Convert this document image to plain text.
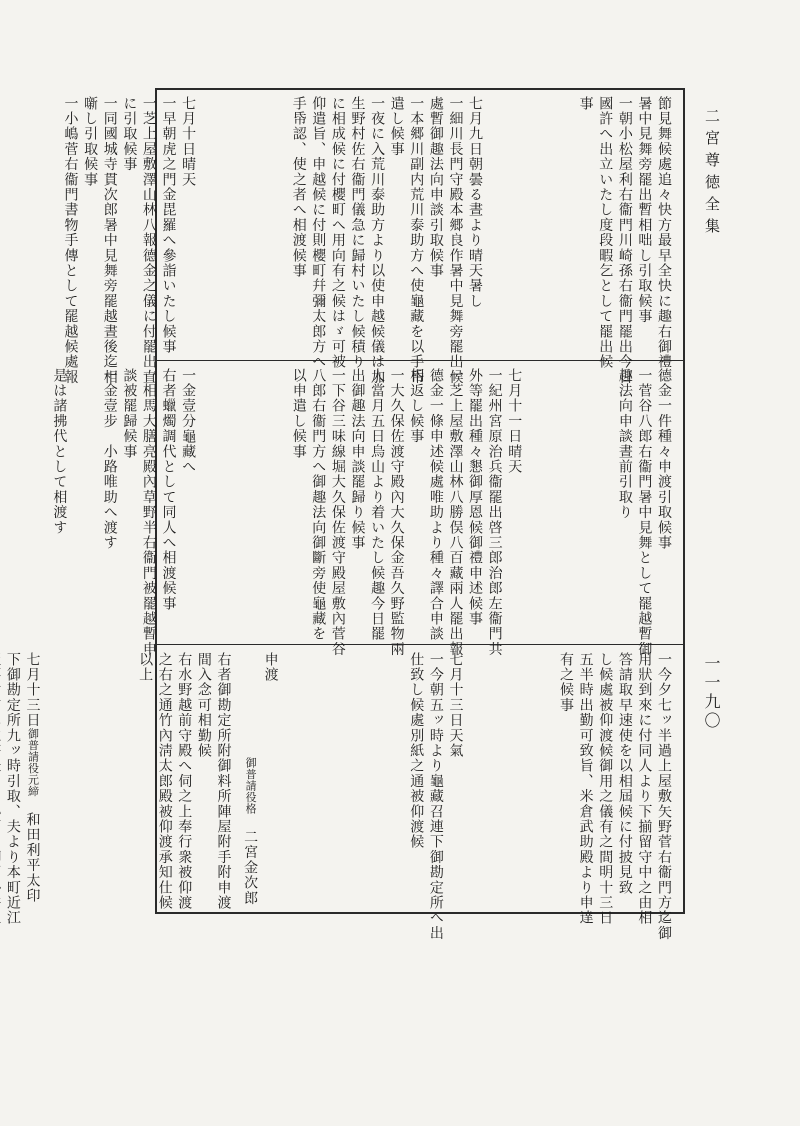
二宮尊徳全集
一一九〇
節見舞候處追々快方最早全快に趣右御禮
暑中見舞旁罷出暫相咄し引取候事
一朝小松屋利右衞門川崎孫右衞門罷出今日
國許へ出立いたし度段暇乞として罷出候
事
七月九日朝曇る晝より晴天暑し
一細川長門守殿本郷良作暑中見舞旁罷出候
處暫御趣法向申談引取候事
一本郷川副内荒川泰助方へ使龜藏を以手帋
遣し候事
一夜に入荒川泰助方より以使申越候儀は加
生野村佐右衞門儀急に歸村いたし候積り
に相成候に付櫻町へ用向有之候はゞ可被
仰遣旨、申越候に付則櫻町幷彌太郎方へ
手帋認、使之者へ相渡候事
七月十日晴天
一早朝虎之門金毘羅へ參詣いたし候事
一芝上屋敷澤山林八報德金之儀に付罷出直
に引取候事
一同國城寺貫次郎暑中見舞旁罷越晝後迄相
噺し引取候事
一小嶋菅右衞門書物手傳として罷越候處報
德金一件種々申渡引取候事
一菅谷八郎右衞門暑中見舞として罷越暫御
趣法向申談晝前引取り
七月十一日晴天
一紀州宮原治兵衞罷出啓三郎治郎左衞門共
外等罷出種々懇御厚恩候御禮申述候事
一芝上屋敷澤山林八勝俣八百藏兩人罷出報
德金一條申述候處唯助より種々譯合申談
相返し候事
一大久保佐渡守殿內大久保金吾久野監物兩
人當月五日烏山より着いたし候趣今日罷
出御趣法向申談罷歸り候事
一下谷三味線堀大久保佐渡守殿屋敷內菅谷
八郎右衞門方へ御趣法向御斷旁使龜藏を
以申遣し候事
一金壹分龜藏へ
右者蠟燭調代として同人へ相渡候事
一相馬大膳亮殿內草野半右衞門被罷越暫申
談被罷歸候事
一金壹步　小路唯助へ渡す
是は諸拂代として相渡す
一今夕七ッ半過上屋敷矢野菅右衞門方迄御
用狀到來に付同人より下揃留守中之由相
答請取早速使を以相屆候に付披見致
し候處被仰渡候御用之儀有之間明十三日
五半時出勤可致旨、米倉武助殿より申達
有之候事
七月十三日天氣
一今朝五ッ時より龜藏召連下御勘定所へ出
仕致し候處別紙之通被仰渡候
申渡
御普請役格　二宮金次郎
右者御勘定所附御料所陣屋附手附申渡
間入念可相勤候
右水野越前守殿へ伺之上奉行衆被仰渡
之右之通竹內淸太郎殿被仰渡承知仕候
以上
七月十三日御普請役元締　和田利平太印
下御勘定所九ッ時引取、夫より本町近江
